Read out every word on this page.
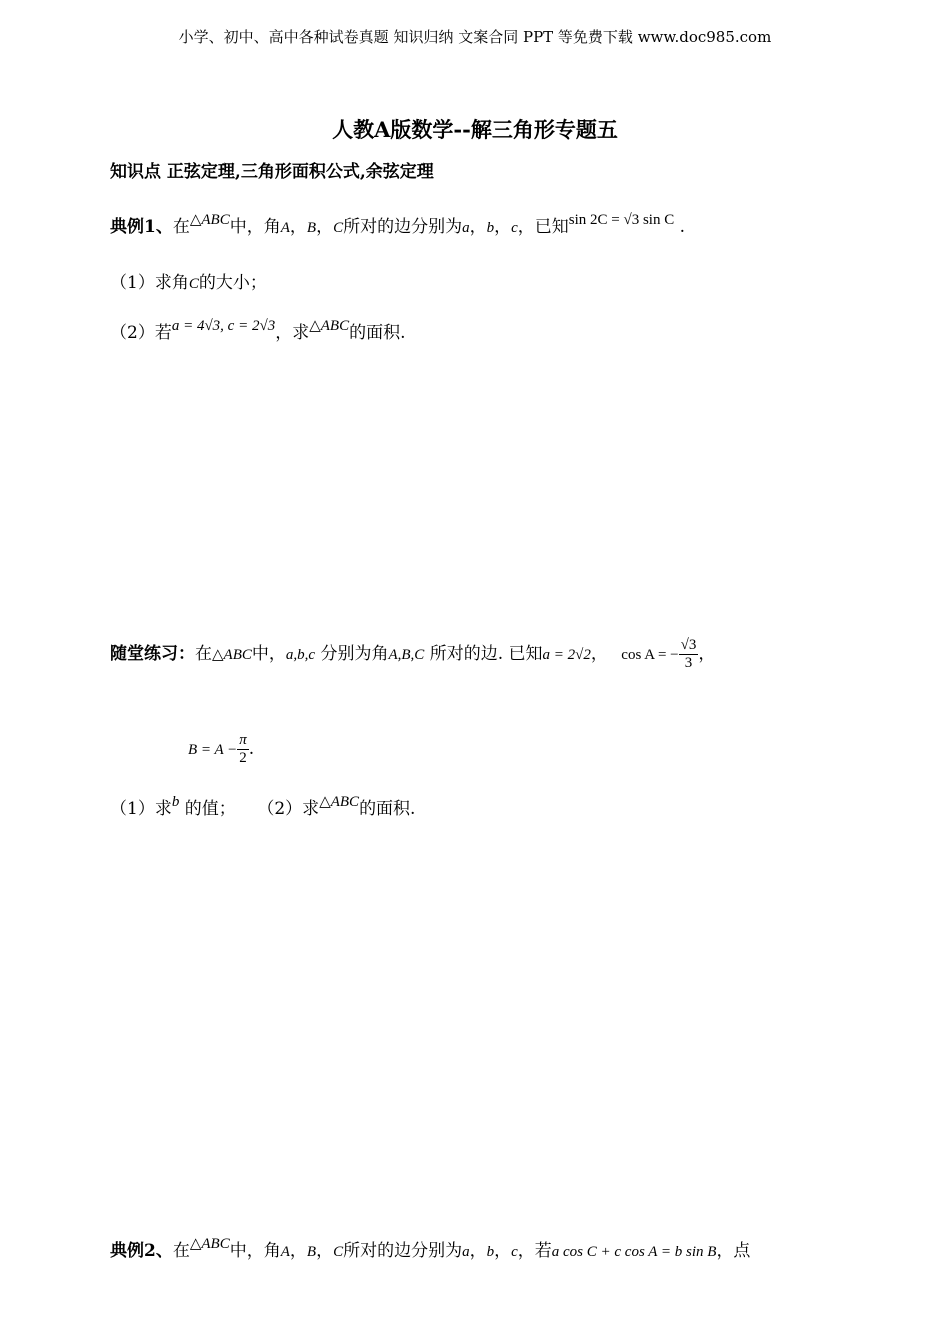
小学、初中、高中各种试卷真题 知识归纳 文案合同 PPT 等免费下载 www.doc985.com
人教A版数学--解三角形专题五
知识点 正弦定理,三角形面积公式,余弦定理
典例1、在△ABC中，角A，B，C所对的边分别为a，b，c，已知sin 2C = √3 sin C .
（1）求角C的大小；
（2）若a = 4√3, c = 2√3，求△ABC的面积.
随堂练习：在△ABC中，a,b,c 分别为角A,B,C 所对的边. 已知a = 2√2， cos A = − $\frac{√3}{3}$ ，
$B = A - \frac{\pi}{2}$ .
（1）求b 的值； （2）求△ABC的面积.
典例2、在△ABC中，角A，B，C所对的边分别为a，b，c，若a cos C + c cos A = b sin B，点
